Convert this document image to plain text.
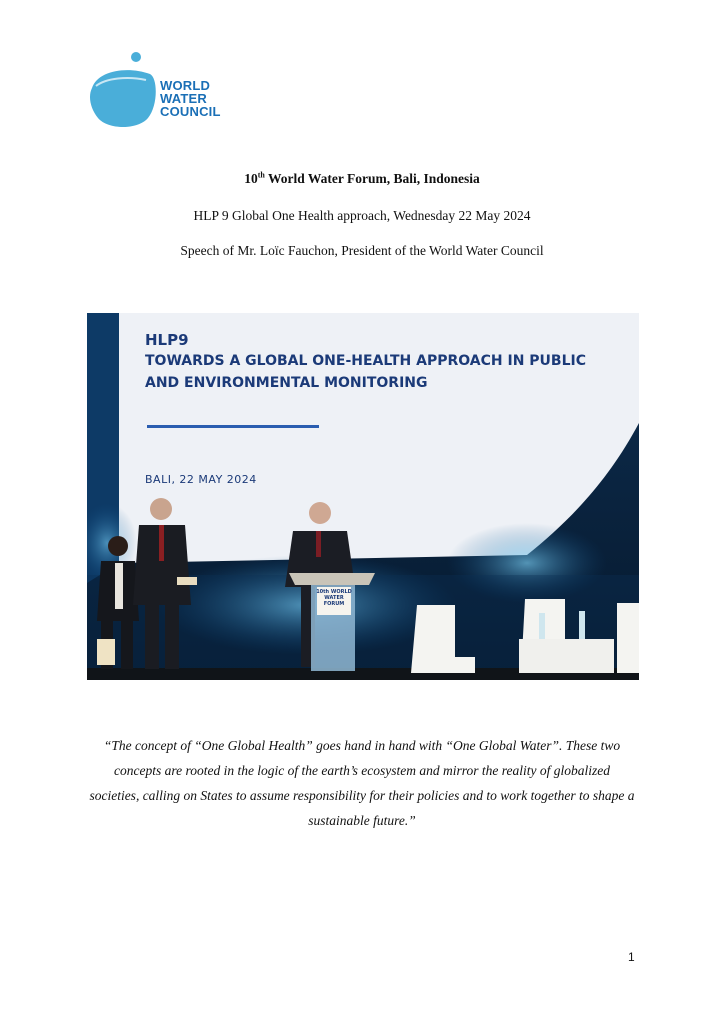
WORLD
WATER
COUNCIL
10th World Water Forum, Bali, Indonesia
HLP 9 Global One Health approach, Wednesday 22 May 2024
Speech of Mr. Loïc Fauchon, President of the World Water Council
HLP9
TOWARDS A GLOBAL ONE-HEALTH APPROACH IN PUBLIC
AND ENVIRONMENTAL MONITORING
BALI, 22 MAY 2024
10th WORLD
WATER FORUM
“The concept of “One Global Health” goes hand in hand with “One Global Water”. These two concepts are rooted in the logic of the earth’s ecosystem and mirror the reality of globalized societies, calling on States to assume responsibility for their policies and to work together to shape a sustainable future.”
1
